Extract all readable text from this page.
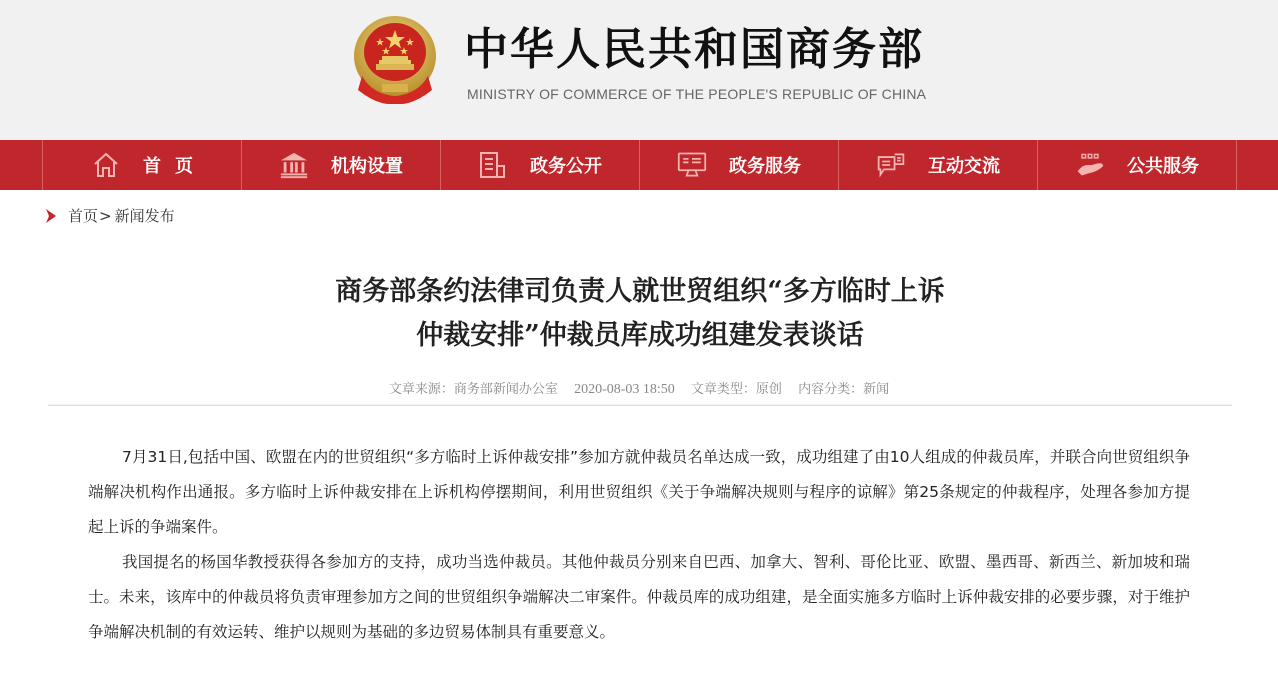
中华人民共和国商务部
MINISTRY OF COMMERCE OF THE PEOPLE'S REPUBLIC OF CHINA
首页	机构设置	政务公开	政务服务	互动交流	公共服务
首页 > 新闻发布
商务部条约法律司负责人就世贸组织“多方临时上诉
仲裁安排”仲裁员库成功组建发表谈话
文章来源：商务部新闻办公室 2020-08-03 18:50 文章类型：原创 内容分类：新闻

7月31日,包括中国、欧盟在内的世贸组织“多方临时上诉仲裁安排”参加方就仲裁员名单达成一致，成功组建了由10人组成的仲裁员库，并联合向世贸组织争端解决机构作出通报。多方临时上诉仲裁安排在上诉机构停摆期间，利用世贸组织《关于争端解决规则与程序的谅解》第25条规定的仲裁程序，处理各参加方提起上诉的争端案件。

我国提名的杨国华教授获得各参加方的支持，成功当选仲裁员。其他仲裁员分别来自巴西、加拿大、智利、哥伦比亚、欧盟、墨西哥、新西兰、新加坡和瑞士。未来，该库中的仲裁员将负责审理参加方之间的世贸组织争端解决二审案件。仲裁员库的成功组建，是全面实施多方临时上诉仲裁安排的必要步骤，对于维护争端解决机制的有效运转、维护以规则为基础的多边贸易体制具有重要意义。
